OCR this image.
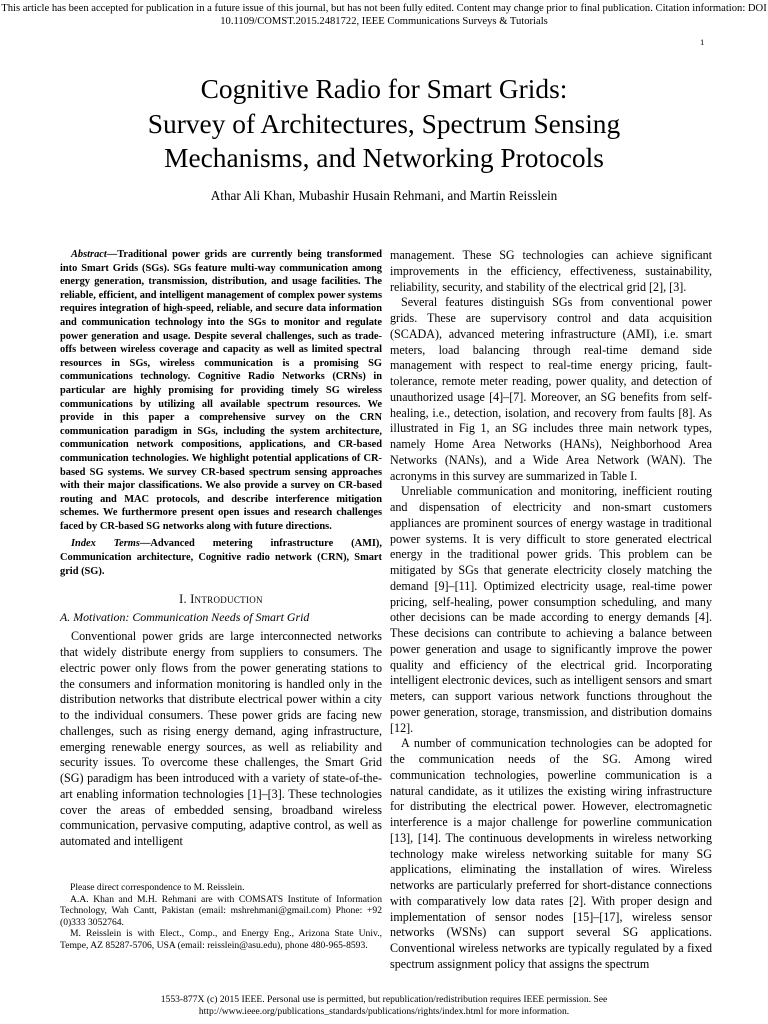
This article has been accepted for publication in a future issue of this journal, but has not been fully edited. Content may change prior to final publication. Citation information: DOI
10.1109/COMST.2015.2481722, IEEE Communications Surveys & Tutorials
1
Cognitive Radio for Smart Grids:
Survey of Architectures, Spectrum Sensing
Mechanisms, and Networking Protocols
Athar Ali Khan, Mubashir Husain Rehmani, and Martin Reisslein

Abstract—Traditional power grids are currently being transformed into Smart Grids (SGs). SGs feature multi-way communication among energy generation, transmission, distribution, and usage facilities. The reliable, efficient, and intelligent management of complex power systems requires integration of high-speed, reliable, and secure data information and communication technology into the SGs to monitor and regulate power generation and usage. Despite several challenges, such as trade-offs between wireless coverage and capacity as well as limited spectral resources in SGs, wireless communication is a promising SG communications technology. Cognitive Radio Networks (CRNs) in particular are highly promising for providing timely SG wireless communications by utilizing all available spectrum resources. We provide in this paper a comprehensive survey on the CRN communication paradigm in SGs, including the system architecture, communication network compositions, applications, and CR-based communication technologies. We highlight potential applications of CR-based SG systems. We survey CR-based spectrum sensing approaches with their major classifications. We also provide a survey on CR-based routing and MAC protocols, and describe interference mitigation schemes. We furthermore present open issues and research challenges faced by CR-based SG networks along with future directions.

Index Terms—Advanced metering infrastructure (AMI), Communication architecture, Cognitive radio network (CRN), Smart grid (SG).

I. Introduction
A. Motivation: Communication Needs of Smart Grid

Conventional power grids are large interconnected networks that widely distribute energy from suppliers to consumers. The electric power only flows from the power generating stations to the consumers and information monitoring is handled only in the distribution networks that distribute electrical power within a city to the individual consumers. These power grids are facing new challenges, such as rising energy demand, aging infrastructure, emerging renewable energy sources, as well as reliability and security issues. To overcome these challenges, the Smart Grid (SG) paradigm has been introduced with a variety of state-of-the-art enabling information technologies [1]–[3]. These technologies cover the areas of embedded sensing, broadband wireless communication, pervasive computing, adaptive control, as well as automated and intelligent

Please direct correspondence to M. Reisslein.

A.A. Khan and M.H. Rehmani are with COMSATS Institute of Information Technology, Wah Cantt, Pakistan (email: mshrehmani@gmail.com) Phone: +92 (0)333 3052764.

M. Reisslein is with Elect., Comp., and Energy Eng., Arizona State Univ., Tempe, AZ 85287-5706, USA (email: reisslein@asu.edu), phone 480-965-8593.

management. These SG technologies can achieve significant improvements in the efficiency, effectiveness, sustainability, reliability, security, and stability of the electrical grid [2], [3].

Several features distinguish SGs from conventional power grids. These are supervisory control and data acquisition (SCADA), advanced metering infrastructure (AMI), i.e. smart meters, load balancing through real-time demand side management with respect to real-time energy pricing, fault-tolerance, remote meter reading, power quality, and detection of unauthorized usage [4]–[7]. Moreover, an SG benefits from self-healing, i.e., detection, isolation, and recovery from faults [8]. As illustrated in Fig 1, an SG includes three main network types, namely Home Area Networks (HANs), Neighborhood Area Networks (NANs), and a Wide Area Network (WAN). The acronyms in this survey are summarized in Table I.

Unreliable communication and monitoring, inefficient routing and dispensation of electricity and non-smart customers appliances are prominent sources of energy wastage in traditional power systems. It is very difficult to store generated electrical energy in the traditional power grids. This problem can be mitigated by SGs that generate electricity closely matching the demand [9]–[11]. Optimized electricity usage, real-time power pricing, self-healing, power consumption scheduling, and many other decisions can be made according to energy demands [4]. These decisions can contribute to achieving a balance between power generation and usage to significantly improve the power quality and efficiency of the electrical grid. Incorporating intelligent electronic devices, such as intelligent sensors and smart meters, can support various network functions throughout the power generation, storage, transmission, and distribution domains [12].

A number of communication technologies can be adopted for the communication needs of the SG. Among wired communication technologies, powerline communication is a natural candidate, as it utilizes the existing wiring infrastructure for distributing the electrical power. However, electromagnetic interference is a major challenge for powerline communication [13], [14]. The continuous developments in wireless networking technology make wireless networking suitable for many SG applications, eliminating the installation of wires. Wireless networks are particularly preferred for short-distance connections with comparatively low data rates [2]. With proper design and implementation of sensor nodes [15]–[17], wireless sensor networks (WSNs) can support several SG applications. Conventional wireless networks are typically regulated by a fixed spectrum assignment policy that assigns the spectrum

1553-877X (c) 2015 IEEE. Personal use is permitted, but republication/redistribution requires IEEE permission. See
http://www.ieee.org/publications_standards/publications/rights/index.html for more information.
